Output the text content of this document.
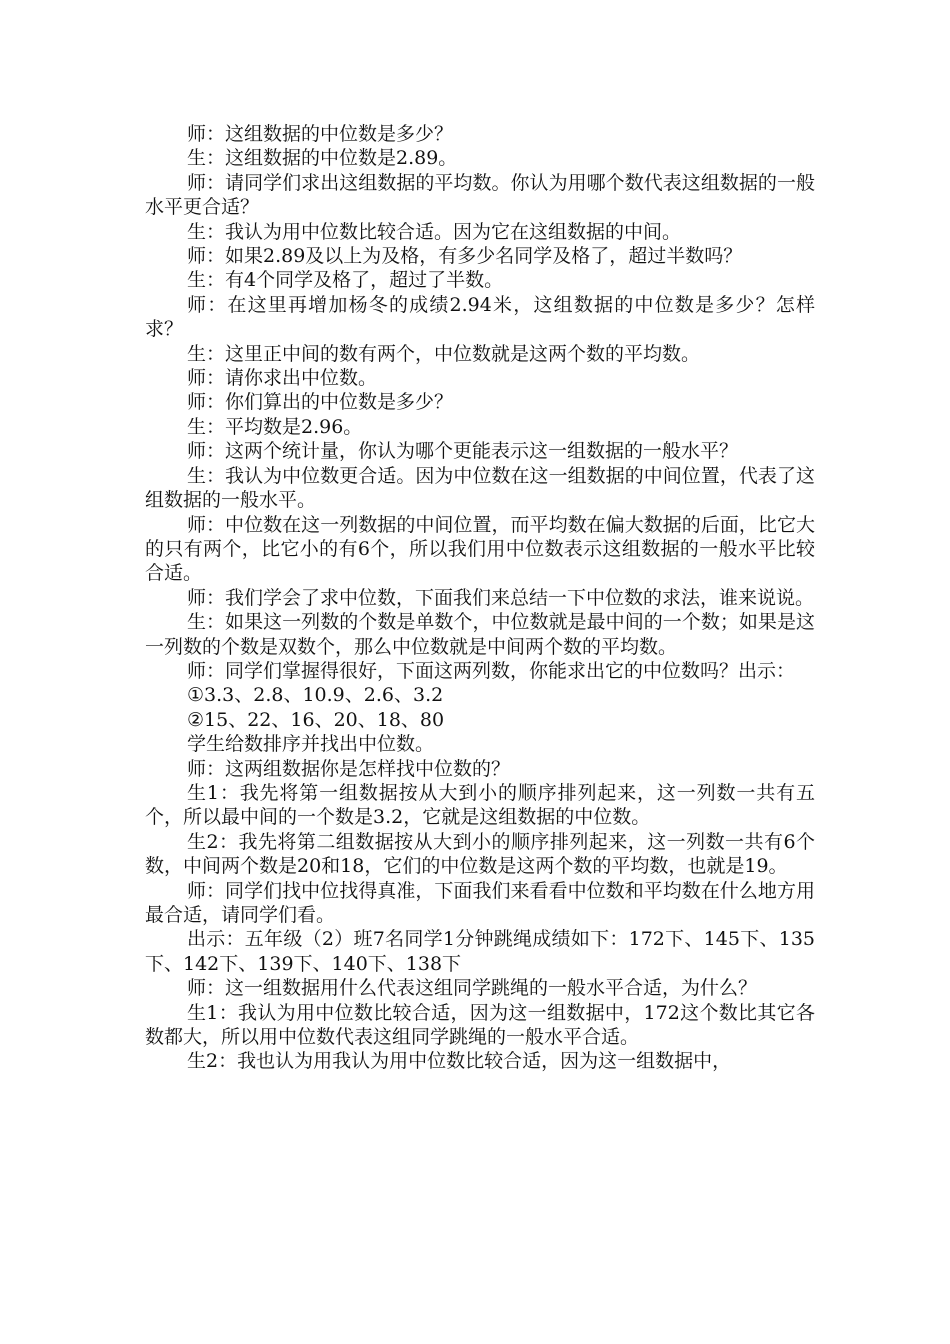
师：这组数据的中位数是多少？

生：这组数据的中位数是2.89。

师：请同学们求出这组数据的平均数。你认为用哪个数代表这组数据的一般水平更合适？

生：我认为用中位数比较合适。因为它在这组数据的中间。

师：如果2.89及以上为及格，有多少名同学及格了，超过半数吗？

生：有4个同学及格了，超过了半数。

师：在这里再增加杨冬的成绩2.94米，这组数据的中位数是多少？怎样求？

生：这里正中间的数有两个，中位数就是这两个数的平均数。

师：请你求出中位数。

师：你们算出的中位数是多少？

生：平均数是2.96。

师：这两个统计量，你认为哪个更能表示这一组数据的一般水平？

生：我认为中位数更合适。因为中位数在这一组数据的中间位置，代表了这组数据的一般水平。

师：中位数在这一列数据的中间位置，而平均数在偏大数据的后面，比它大的只有两个，比它小的有6个，所以我们用中位数表示这组数据的一般水平比较合适。

师：我们学会了求中位数，下面我们来总结一下中位数的求法，谁来说说。

生：如果这一列数的个数是单数个，中位数就是最中间的一个数；如果是这一列数的个数是双数个，那么中位数就是中间两个数的平均数。

师：同学们掌握得很好，下面这两列数，你能求出它的中位数吗？出示：

①3.3、2.8、10.9、2.6、3.2

②15、22、16、20、18、80

学生给数排序并找出中位数。

师：这两组数据你是怎样找中位数的？

生1：我先将第一组数据按从大到小的顺序排列起来，这一列数一共有五个，所以最中间的一个数是3.2，它就是这组数据的中位数。

生2：我先将第二组数据按从大到小的顺序排列起来，这一列数一共有6个数，中间两个数是20和18，它们的中位数是这两个数的平均数，也就是19。

师：同学们找中位找得真准，下面我们来看看中位数和平均数在什么地方用最合适，请同学们看。

出示：五年级（2）班7名同学1分钟跳绳成绩如下：172下、145下、135下、142下、139下、140下、138下

师：这一组数据用什么代表这组同学跳绳的一般水平合适，为什么？

生1：我认为用中位数比较合适，因为这一组数据中，172这个数比其它各数都大，所以用中位数代表这组同学跳绳的一般水平合适。

生2：我也认为用我认为用中位数比较合适，因为这一组数据中，
